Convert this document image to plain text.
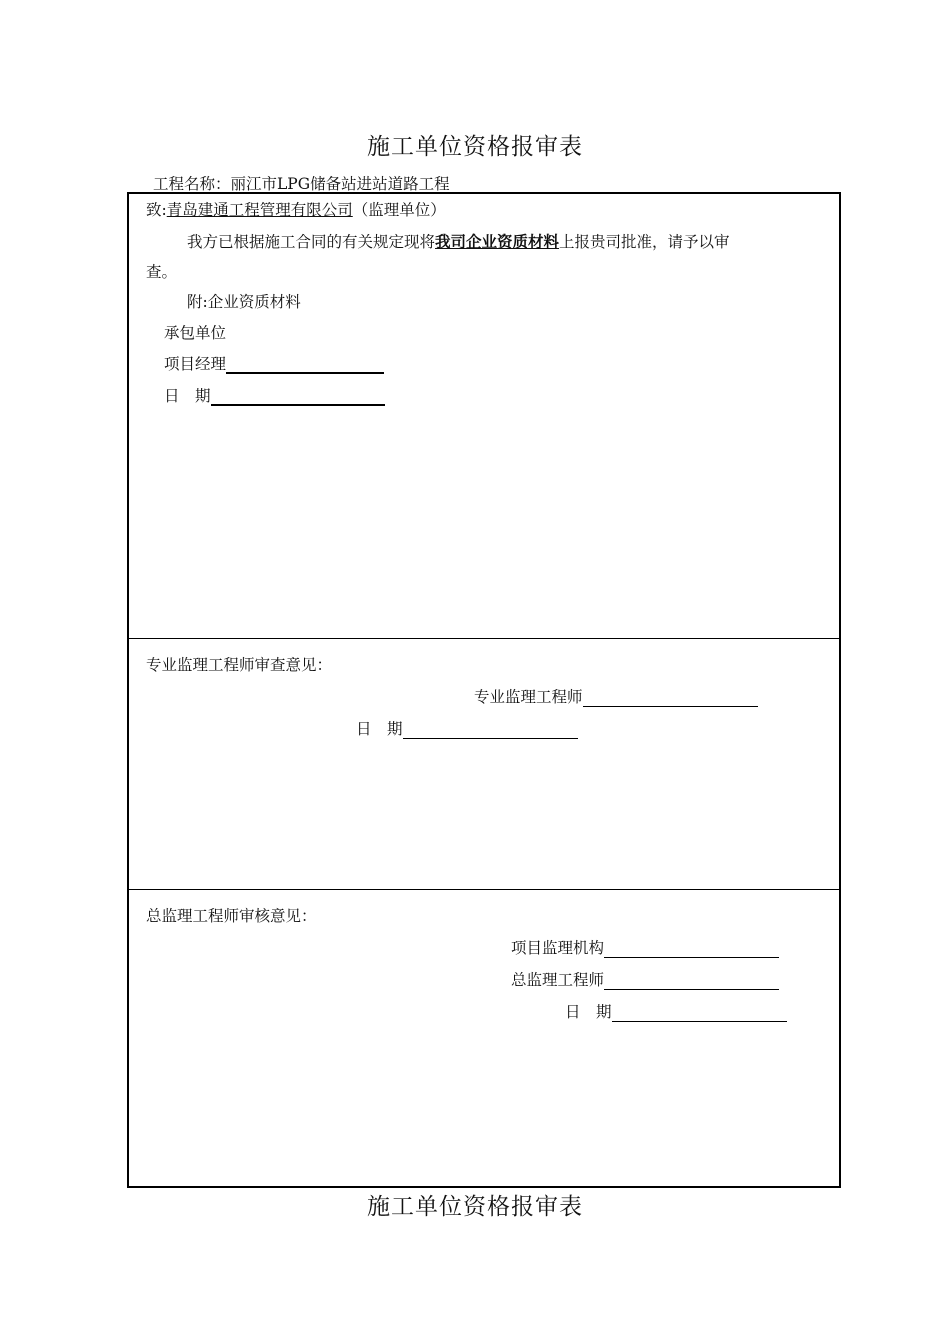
施工单位资格报审表
工程名称：丽江市LPG储备站进站道路工程
致:青岛建通工程管理有限公司（监理单位）
我方已根据施工合同的有关规定现将我司企业资质材料上报贵司批准，请予以审
查。
附:企业资质材料
承包单位
项目经理
日　期
专业监理工程师审查意见：
专业监理工程师
日　期
总监理工程师审核意见：
项目监理机构
总监理工程师
日　期
施工单位资格报审表
